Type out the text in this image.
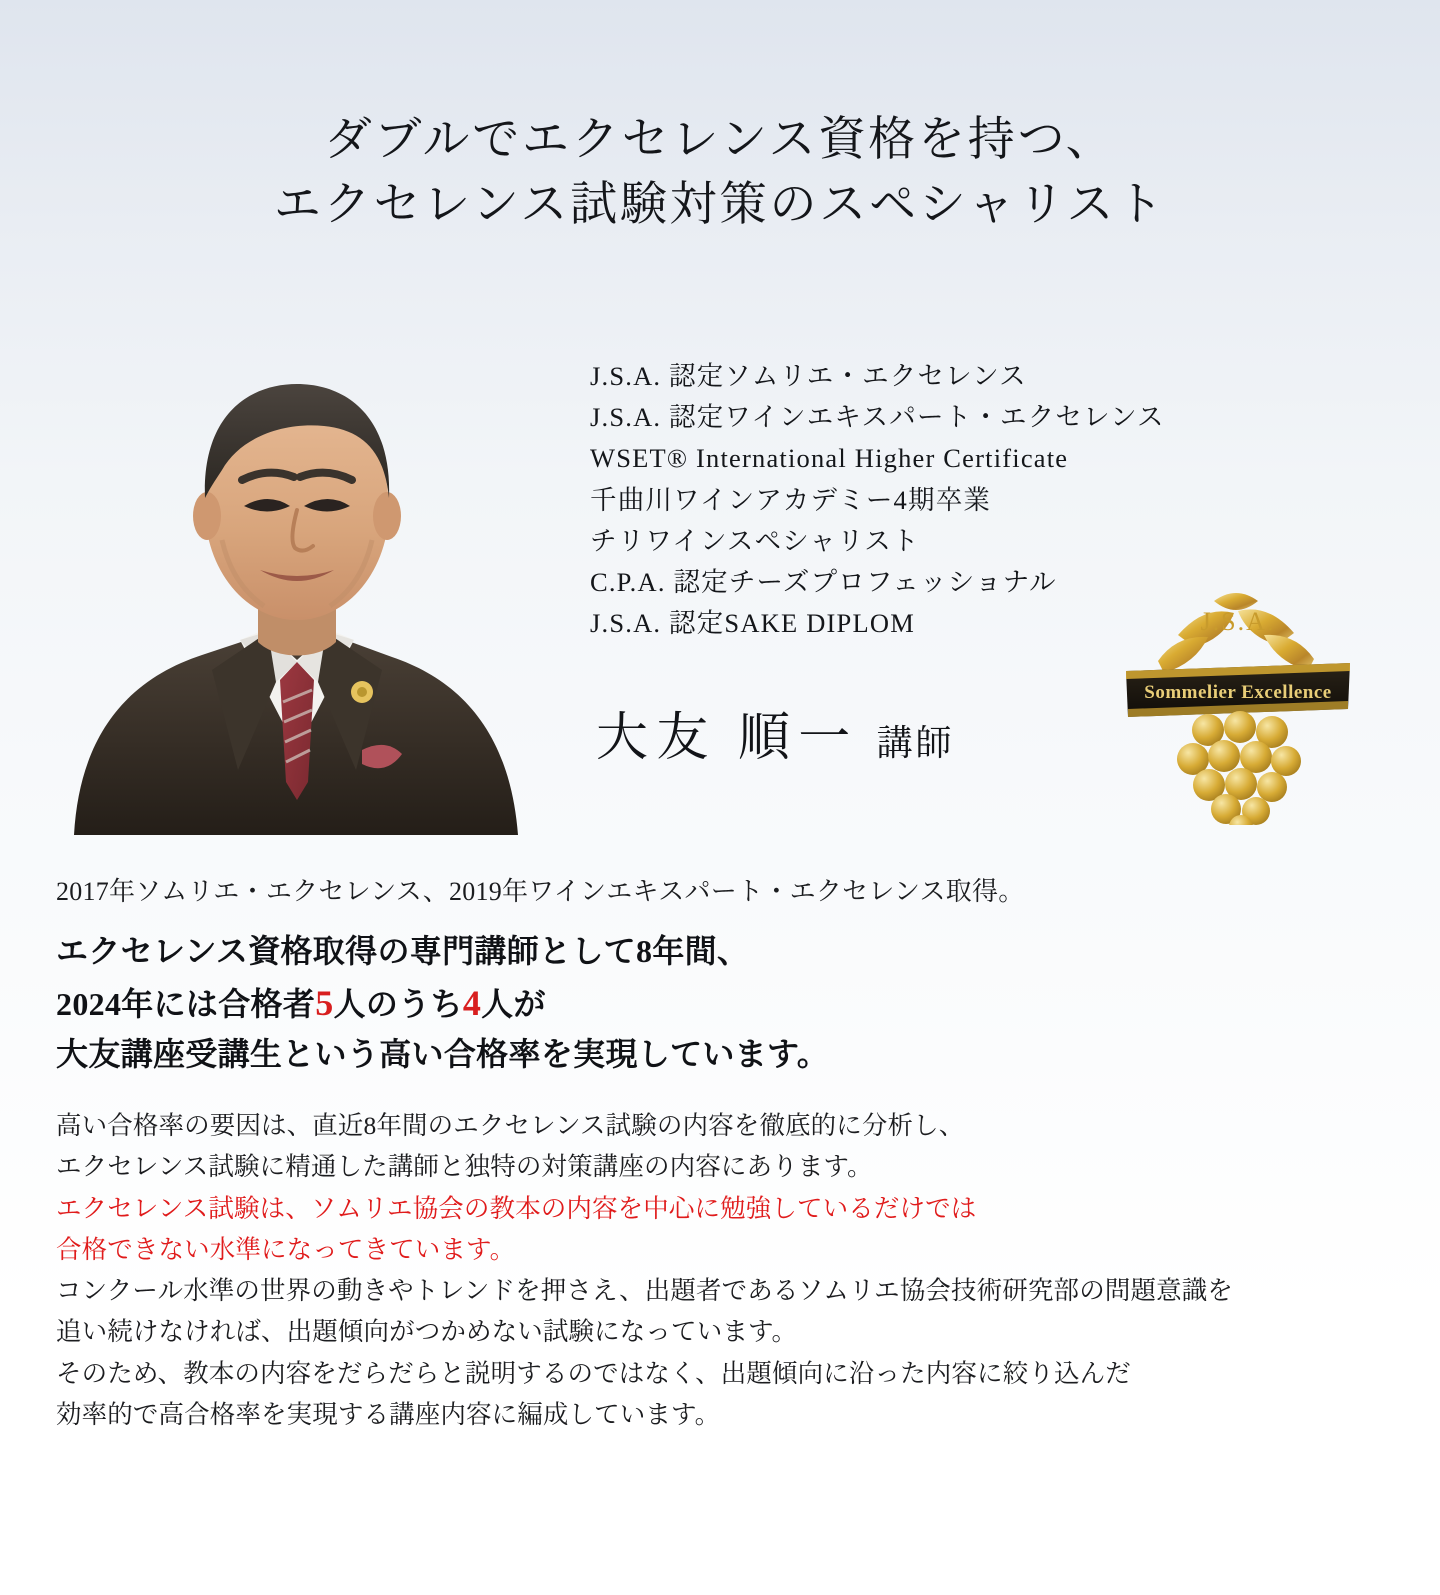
ダブルでエクセレンス資格を持つ、
エクセレンス試験対策のスペシャリスト
J.S.A. 認定ソムリエ・エクセレンス
J.S.A. 認定ワインエキスパート・エクセレンス
WSET® International Higher Certificate
千曲川ワインアカデミー4期卒業
チリワインスペシャリスト
C.P.A. 認定チーズプロフェッショナル
J.S.A. 認定SAKE DIPLOM
大友 順一 講師
J.S.A.
Sommelier Excellence
2017年ソムリエ・エクセレンス、2019年ワインエキスパート・エクセレンス取得。
エクセレンス資格取得の専門講師として8年間、
2024年には合格者5人のうち4人が
大友講座受講生という高い合格率を実現しています。
高い合格率の要因は、直近8年間のエクセレンス試験の内容を徹底的に分析し、
エクセレンス試験に精通した講師と独特の対策講座の内容にあります。
エクセレンス試験は、ソムリエ協会の教本の内容を中心に勉強しているだけでは
合格できない水準になってきています。
コンクール水準の世界の動きやトレンドを押さえ、出題者であるソムリエ協会技術研究部の問題意識を
追い続けなければ、出題傾向がつかめない試験になっています。
そのため、教本の内容をだらだらと説明するのではなく、出題傾向に沿った内容に絞り込んだ
効率的で高合格率を実現する講座内容に編成しています。
